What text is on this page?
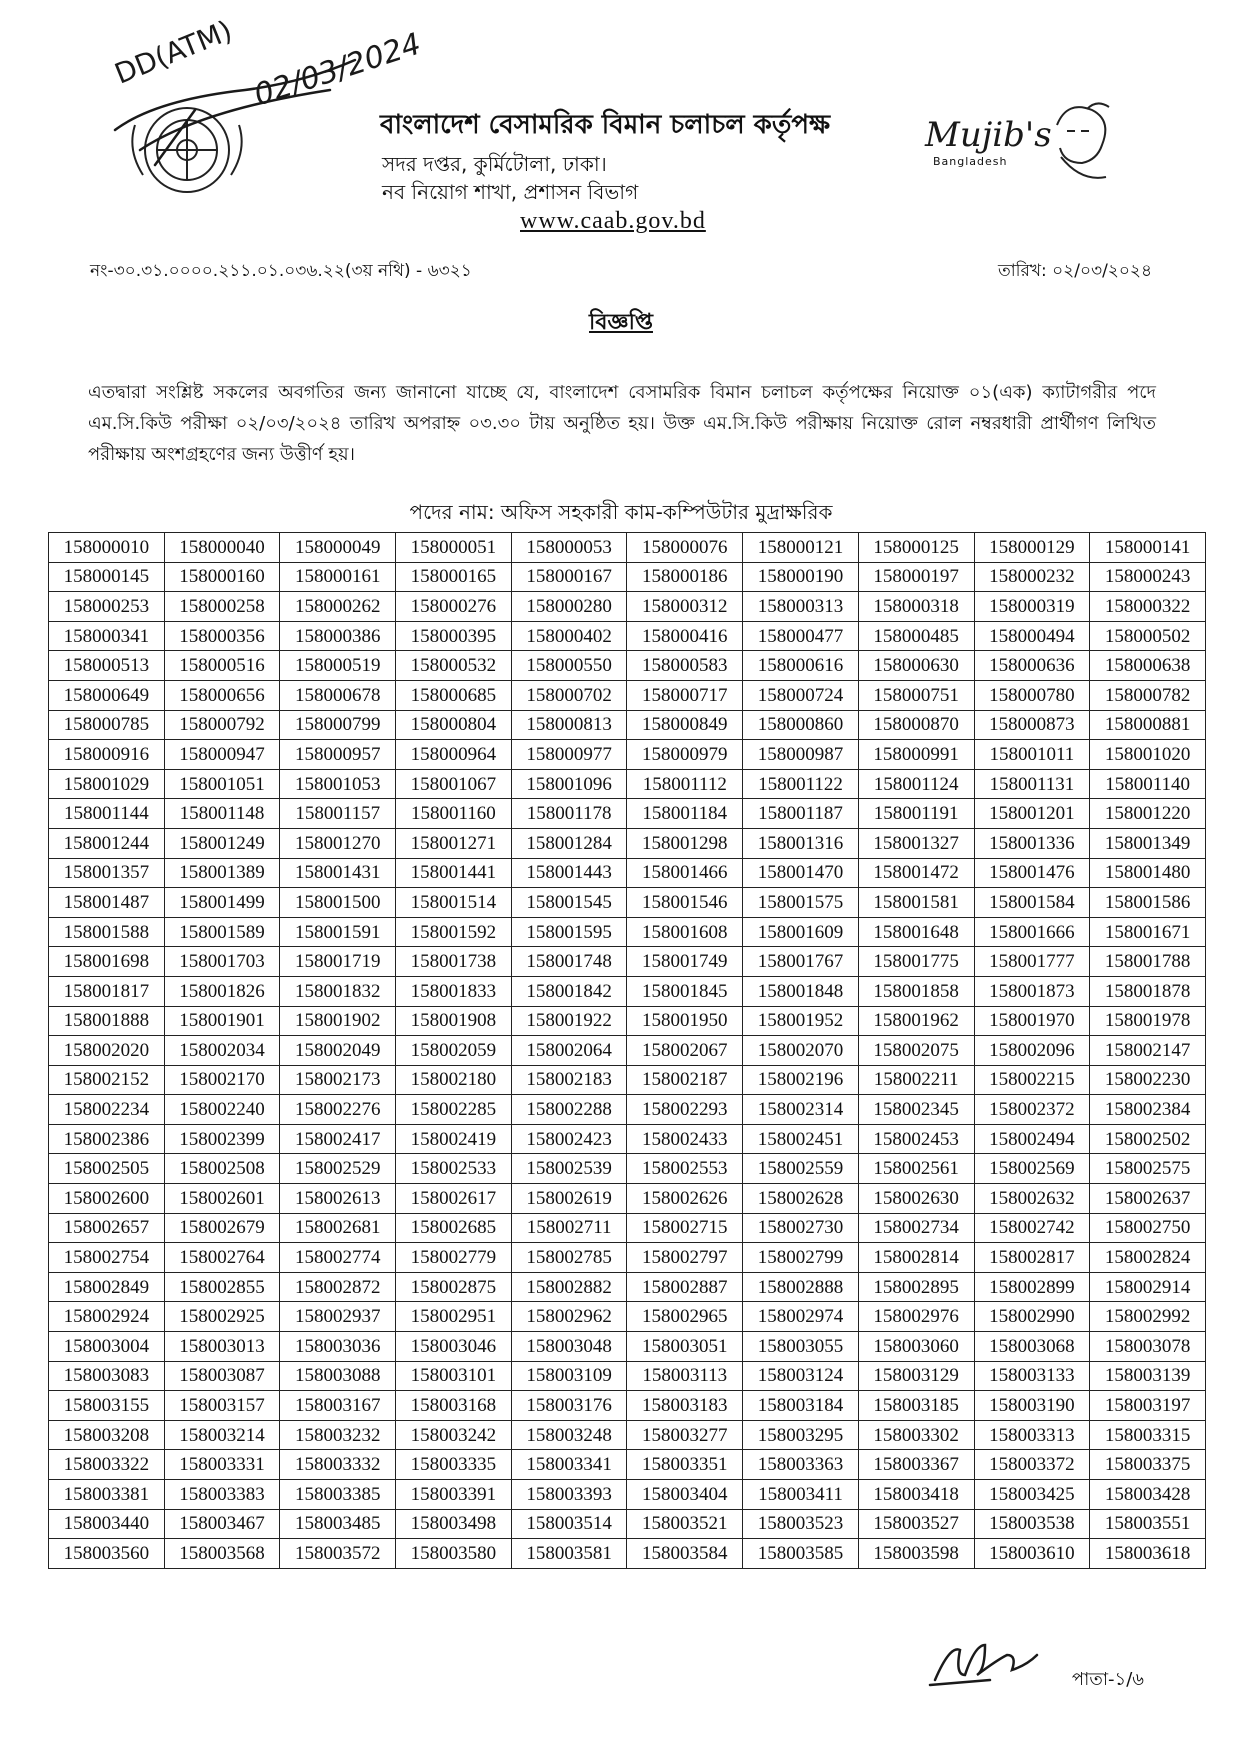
DD(ATM) 02/03/2024
বাংলাদেশ বেসামরিক বিমান চলাচল কর্তৃপক্ষ
সদর দপ্তর, কুর্মিটোলা, ঢাকা।
নব নিয়োগ শাখা, প্রশাসন বিভাগ
www.caab.gov.bd
Mujib's
Bangladesh
নং-৩০.৩১.০০০০.২১১.০১.০৩৬.২২(৩য় নথি) - ৬৩২১	তারিখ: ০২/০৩/২০২৪
বিজ্ঞপ্তি
এতদ্বারা সংশ্লিষ্ট সকলের অবগতির জন্য জানানো যাচ্ছে যে, বাংলাদেশ বেসামরিক বিমান চলাচল কর্তৃপক্ষের নিয়োক্ত ০১(এক) ক্যাটাগরীর পদে এম.সি.কিউ পরীক্ষা ০২/০৩/২০২৪ তারিখ অপরাহ্ন ০৩.৩০ টায় অনুষ্ঠিত হয়। উক্ত এম.সি.কিউ পরীক্ষায় নিয়োক্ত রোল নম্বরধারী প্রার্থীগণ লিখিত পরীক্ষায় অংশগ্রহণের জন্য উত্তীর্ণ হয়।
পদের নাম: অফিস সহকারী কাম-কম্পিউটার মুদ্রাক্ষরিক
158000010	158000040	158000049	158000051	158000053	158000076	158000121	158000125	158000129	158000141
158000145	158000160	158000161	158000165	158000167	158000186	158000190	158000197	158000232	158000243
158000253	158000258	158000262	158000276	158000280	158000312	158000313	158000318	158000319	158000322
158000341	158000356	158000386	158000395	158000402	158000416	158000477	158000485	158000494	158000502
158000513	158000516	158000519	158000532	158000550	158000583	158000616	158000630	158000636	158000638
158000649	158000656	158000678	158000685	158000702	158000717	158000724	158000751	158000780	158000782
158000785	158000792	158000799	158000804	158000813	158000849	158000860	158000870	158000873	158000881
158000916	158000947	158000957	158000964	158000977	158000979	158000987	158000991	158001011	158001020
158001029	158001051	158001053	158001067	158001096	158001112	158001122	158001124	158001131	158001140
158001144	158001148	158001157	158001160	158001178	158001184	158001187	158001191	158001201	158001220
158001244	158001249	158001270	158001271	158001284	158001298	158001316	158001327	158001336	158001349
158001357	158001389	158001431	158001441	158001443	158001466	158001470	158001472	158001476	158001480
158001487	158001499	158001500	158001514	158001545	158001546	158001575	158001581	158001584	158001586
158001588	158001589	158001591	158001592	158001595	158001608	158001609	158001648	158001666	158001671
158001698	158001703	158001719	158001738	158001748	158001749	158001767	158001775	158001777	158001788
158001817	158001826	158001832	158001833	158001842	158001845	158001848	158001858	158001873	158001878
158001888	158001901	158001902	158001908	158001922	158001950	158001952	158001962	158001970	158001978
158002020	158002034	158002049	158002059	158002064	158002067	158002070	158002075	158002096	158002147
158002152	158002170	158002173	158002180	158002183	158002187	158002196	158002211	158002215	158002230
158002234	158002240	158002276	158002285	158002288	158002293	158002314	158002345	158002372	158002384
158002386	158002399	158002417	158002419	158002423	158002433	158002451	158002453	158002494	158002502
158002505	158002508	158002529	158002533	158002539	158002553	158002559	158002561	158002569	158002575
158002600	158002601	158002613	158002617	158002619	158002626	158002628	158002630	158002632	158002637
158002657	158002679	158002681	158002685	158002711	158002715	158002730	158002734	158002742	158002750
158002754	158002764	158002774	158002779	158002785	158002797	158002799	158002814	158002817	158002824
158002849	158002855	158002872	158002875	158002882	158002887	158002888	158002895	158002899	158002914
158002924	158002925	158002937	158002951	158002962	158002965	158002974	158002976	158002990	158002992
158003004	158003013	158003036	158003046	158003048	158003051	158003055	158003060	158003068	158003078
158003083	158003087	158003088	158003101	158003109	158003113	158003124	158003129	158003133	158003139
158003155	158003157	158003167	158003168	158003176	158003183	158003184	158003185	158003190	158003197
158003208	158003214	158003232	158003242	158003248	158003277	158003295	158003302	158003313	158003315
158003322	158003331	158003332	158003335	158003341	158003351	158003363	158003367	158003372	158003375
158003381	158003383	158003385	158003391	158003393	158003404	158003411	158003418	158003425	158003428
158003440	158003467	158003485	158003498	158003514	158003521	158003523	158003527	158003538	158003551
158003560	158003568	158003572	158003580	158003581	158003584	158003585	158003598	158003610	158003618
পাতা-১/৬
